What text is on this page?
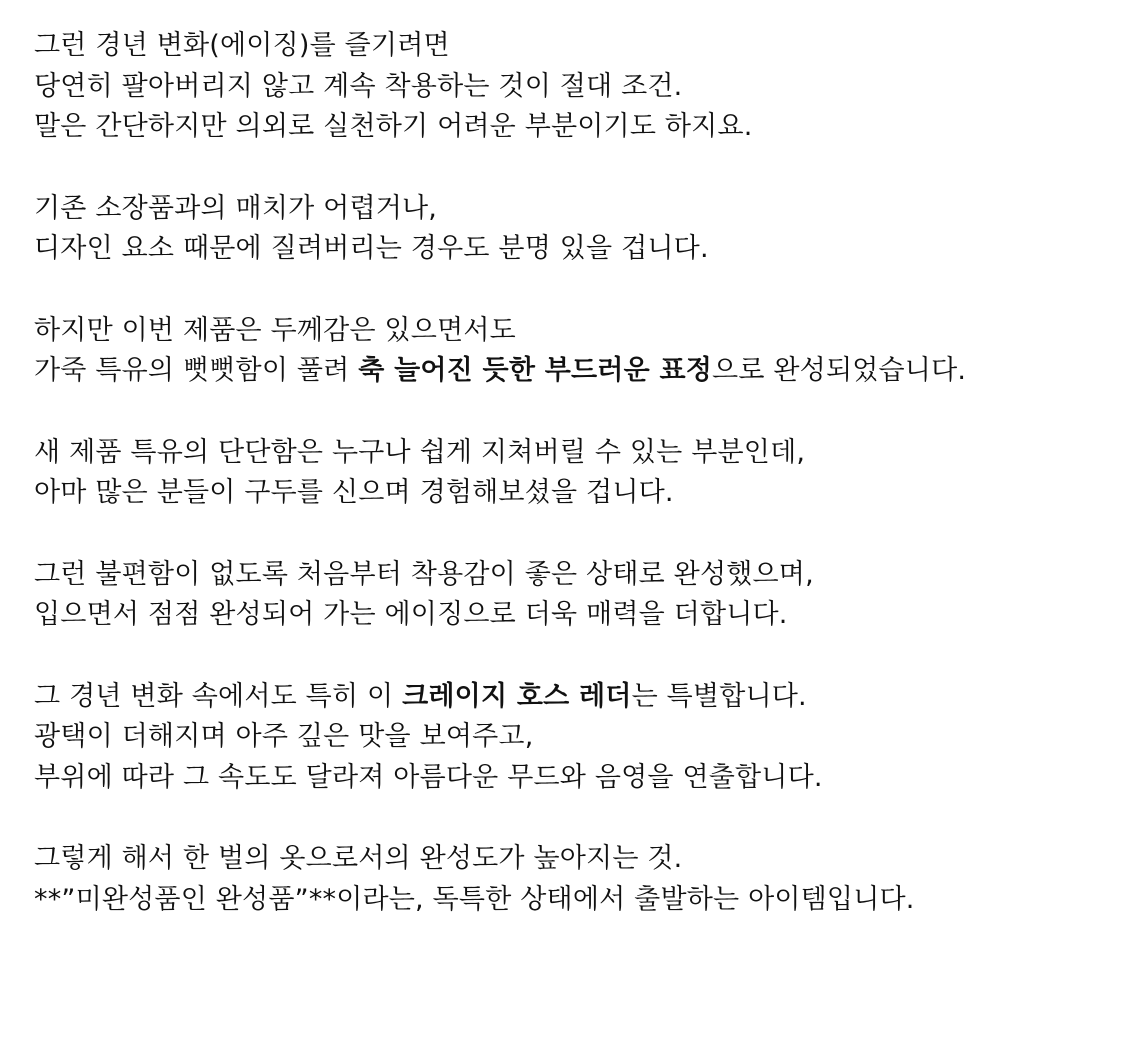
그런 경년 변화(에이징)를 즐기려면
당연히 팔아버리지 않고 계속 착용하는 것이 절대 조건.
말은 간단하지만 의외로 실천하기 어려운 부분이기도 하지요.
기존 소장품과의 매치가 어렵거나,
디자인 요소 때문에 질려버리는 경우도 분명 있을 겁니다.
하지만 이번 제품은 두께감은 있으면서도
가죽 특유의 뻣뻣함이 풀려 축 늘어진 듯한 부드러운 표정으로 완성되었습니다.
새 제품 특유의 단단함은 누구나 쉽게 지쳐버릴 수 있는 부분인데,
아마 많은 분들이 구두를 신으며 경험해보셨을 겁니다.
그런 불편함이 없도록 처음부터 착용감이 좋은 상태로 완성했으며,
입으면서 점점 완성되어 가는 에이징으로 더욱 매력을 더합니다.
그 경년 변화 속에서도 특히 이 크레이지 호스 레더는 특별합니다.
광택이 더해지며 아주 깊은 맛을 보여주고,
부위에 따라 그 속도도 달라져 아름다운 무드와 음영을 연출합니다.
그렇게 해서 한 벌의 옷으로서의 완성도가 높아지는 것.
**”미완성품인 완성품”**이라는, 독특한 상태에서 출발하는 아이템입니다.
